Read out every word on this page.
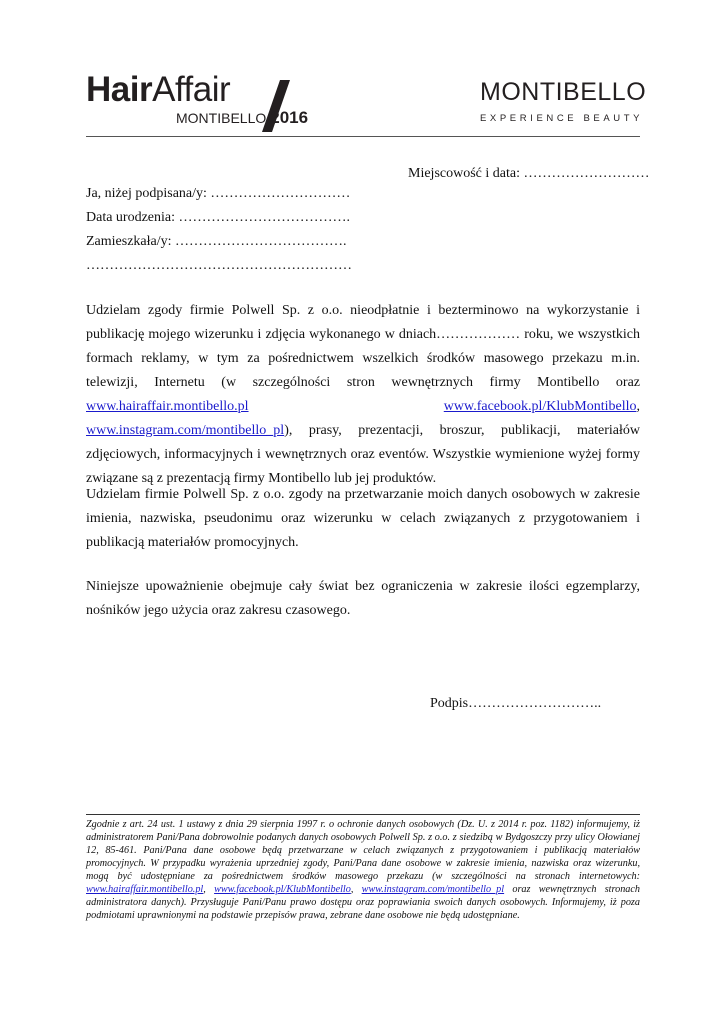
HairAffair
MONTIBELLO 2016
MONTIBELLO
EXPERIENCE BEAUTY
Miejscowość i data: ………………………
Ja, niżej podpisana/y: …………………………
Data urodzenia: ……………………………….
Zamieszkała/y: ……………………………….
…………………………………………………

Udzielam zgody firmie Polwell Sp. z o.o. nieodpłatnie i bezterminowo na wykorzystanie i publikację mojego wizerunku i zdjęcia wykonanego w dniach……………… roku, we wszystkich formach reklamy, w tym za pośrednictwem wszelkich środków masowego przekazu m.in. telewizji, Internetu (w szczególności stron wewnętrznych firmy Montibello oraz www.hairaffair.montibello.pl	www.facebook.pl/KlubMontibello, www.instagram.com/montibello_pl), prasy, prezentacji, broszur, publikacji, materiałów zdjęciowych, informacyjnych i wewnętrznych oraz eventów. Wszystkie wymienione wyżej formy związane są z prezentacją firmy Montibello lub jej produktów.

Udzielam firmie Polwell Sp. z o.o. zgody na przetwarzanie moich danych osobowych w zakresie imienia, nazwiska, pseudonimu oraz wizerunku w celach związanych z przygotowaniem i publikacją materiałów promocyjnych.

Niniejsze upoważnienie obejmuje cały świat bez ograniczenia w zakresie ilości egzemplarzy, nośników jego użycia oraz zakresu czasowego.

Podpis………………………..

Zgodnie z art. 24 ust. 1 ustawy z dnia 29 sierpnia 1997 r. o ochronie danych osobowych (Dz. U. z 2014 r. poz. 1182) informujemy, iż administratorem Pani/Pana dobrowolnie podanych danych osobowych Polwell Sp. z o.o. z siedzibą w Bydgoszczy przy ulicy Ołowianej 12, 85-461. Pani/Pana dane osobowe będą przetwarzane w celach związanych z przygotowaniem i publikacją materiałów promocyjnych. W przypadku wyrażenia uprzedniej zgody, Pani/Pana dane osobowe w zakresie imienia, nazwiska oraz wizerunku, mogą być udostępniane za pośrednictwem środków masowego przekazu (w szczególności na stronach internetowych: www.hairaffair.montibello.pl, www.facebook.pl/KlubMontibello, www.instagram.com/montibello_pl oraz wewnętrznych stronach administratora danych). Przysługuje Pani/Panu prawo dostępu oraz poprawiania swoich danych osobowych. Informujemy, iż poza podmiotami uprawnionymi na podstawie przepisów prawa, zebrane dane osobowe nie będą udostępniane.
